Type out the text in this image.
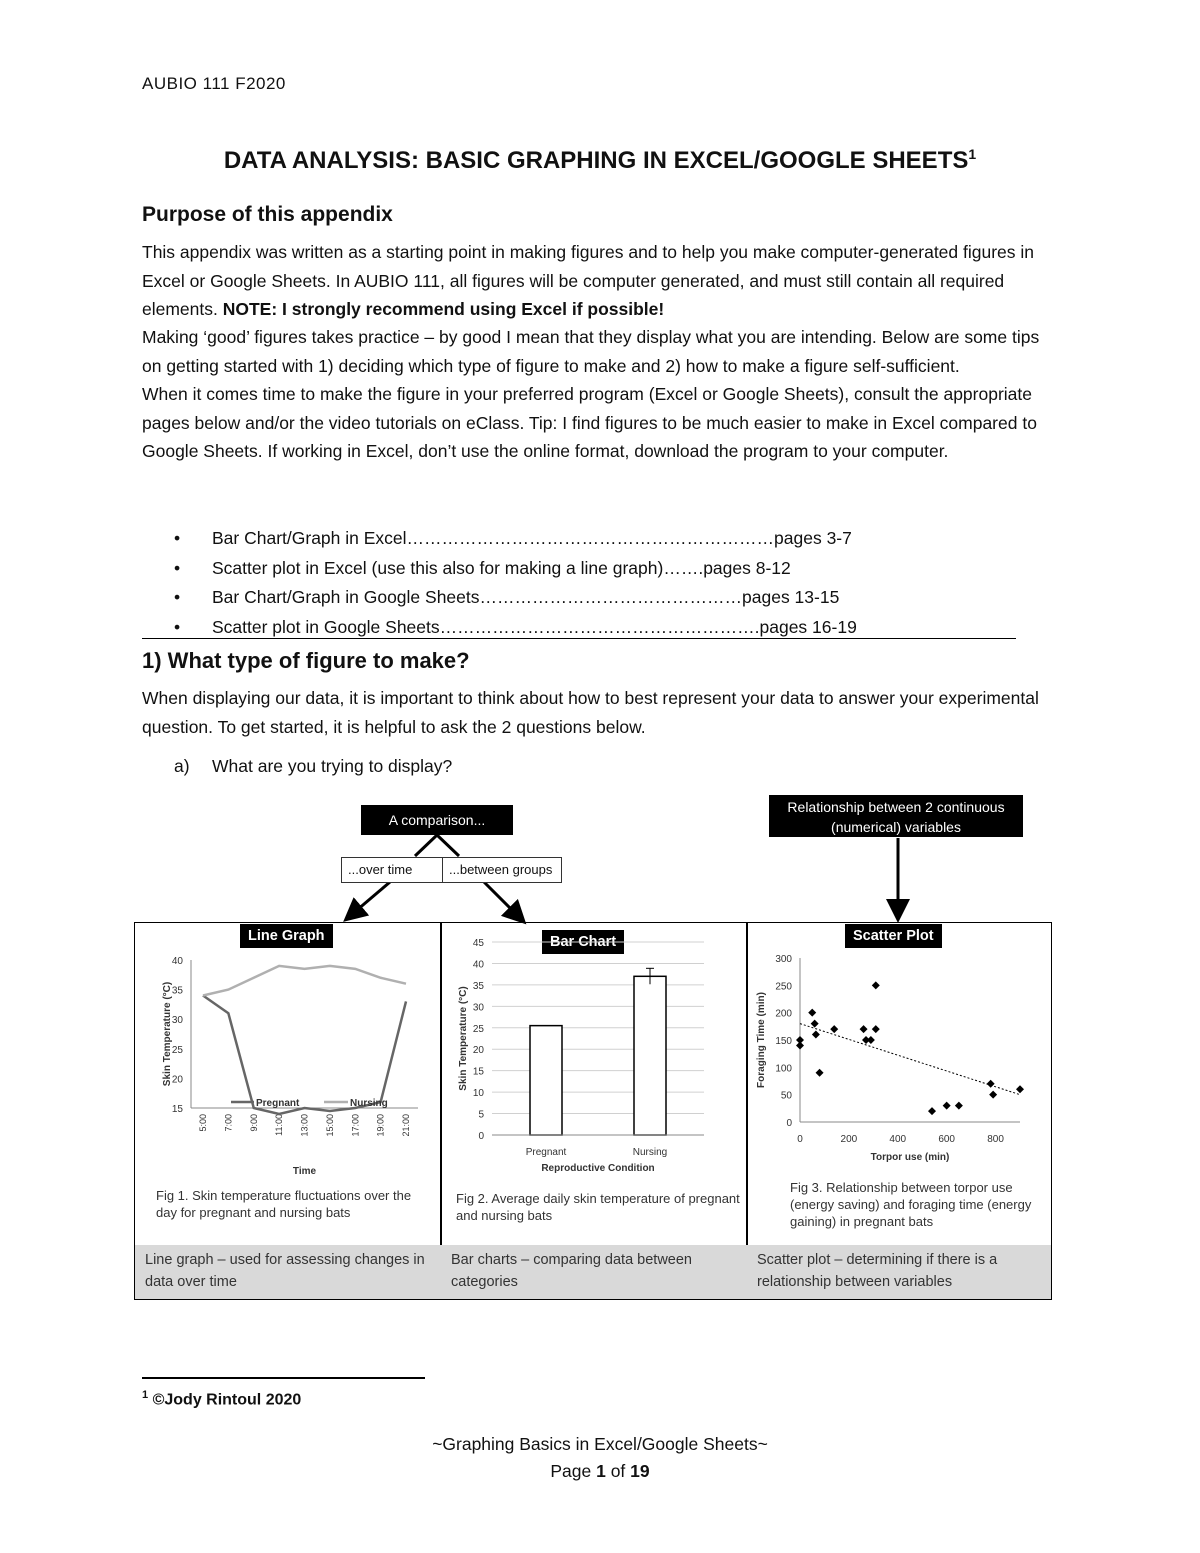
AUBIO 111 F2020
DATA ANALYSIS: BASIC GRAPHING IN EXCEL/GOOGLE SHEETS$^1$
Purpose of this appendix
This appendix was written as a starting point in making figures and to help you make computer-generated figures in Excel or Google Sheets. In AUBIO 111, all figures will be computer generated, and must still contain all required elements. NOTE: I strongly recommend using Excel if possible!
Making ‘good’ figures takes practice – by good I mean that they display what you are intending. Below are some tips on getting started with 1) deciding which type of figure to make and 2) how to make a figure self-sufficient.
When it comes time to make the figure in your preferred program (Excel or Google Sheets), consult the appropriate pages below and/or the video tutorials on eClass. Tip: I find figures to be much easier to make in Excel compared to Google Sheets. If working in Excel, don’t use the online format, download the program to your computer.
• Bar Chart/Graph in Excel………………………………………………………pages 3-7
• Scatter plot in Excel (use this also for making a line graph)…….pages 8-12
• Bar Chart/Graph in Google Sheets………………………………………pages 13-15
• Scatter plot in Google Sheets……………………………………………….pages 16-19
1) What type of figure to make?
When displaying our data, it is important to think about how to best represent your data to answer your experimental question. To get started, it is helpful to ask the 2 questions below.
a) What are you trying to display?
A comparison...
...over time	...between groups
Relationship between 2 continuous (numerical) variables
Line Graph	Bar Chart	Scatter Plot
15
20
25
30
35
40
5:00 7:00 9:00 11:00 13:00 15:00 17:00 19:00 21:00
Pregnant	Nursing
Time
Skin Temperature (°C)
0
5
10
15
20
25
30
35
40
45
Pregnant	Nursing
Reproductive Condition
Skin Temperature (°C)
0
50
100
150
200
250
300
0	200	400	600	800
Torpor use (min)
Foraging Time (min)
Fig 1. Skin temperature fluctuations over the day for pregnant and nursing bats
Fig 2. Average daily skin temperature of pregnant and nursing bats
Fig 3. Relationship between torpor use (energy saving) and foraging time (energy gaining) in pregnant bats
Line graph – used for assessing changes in data over time
Bar charts – comparing data between categories
Scatter plot – determining if there is a relationship between variables
$^1$ ©Jody Rintoul 2020
~Graphing Basics in Excel/Google Sheets~
Page 1 of 19
